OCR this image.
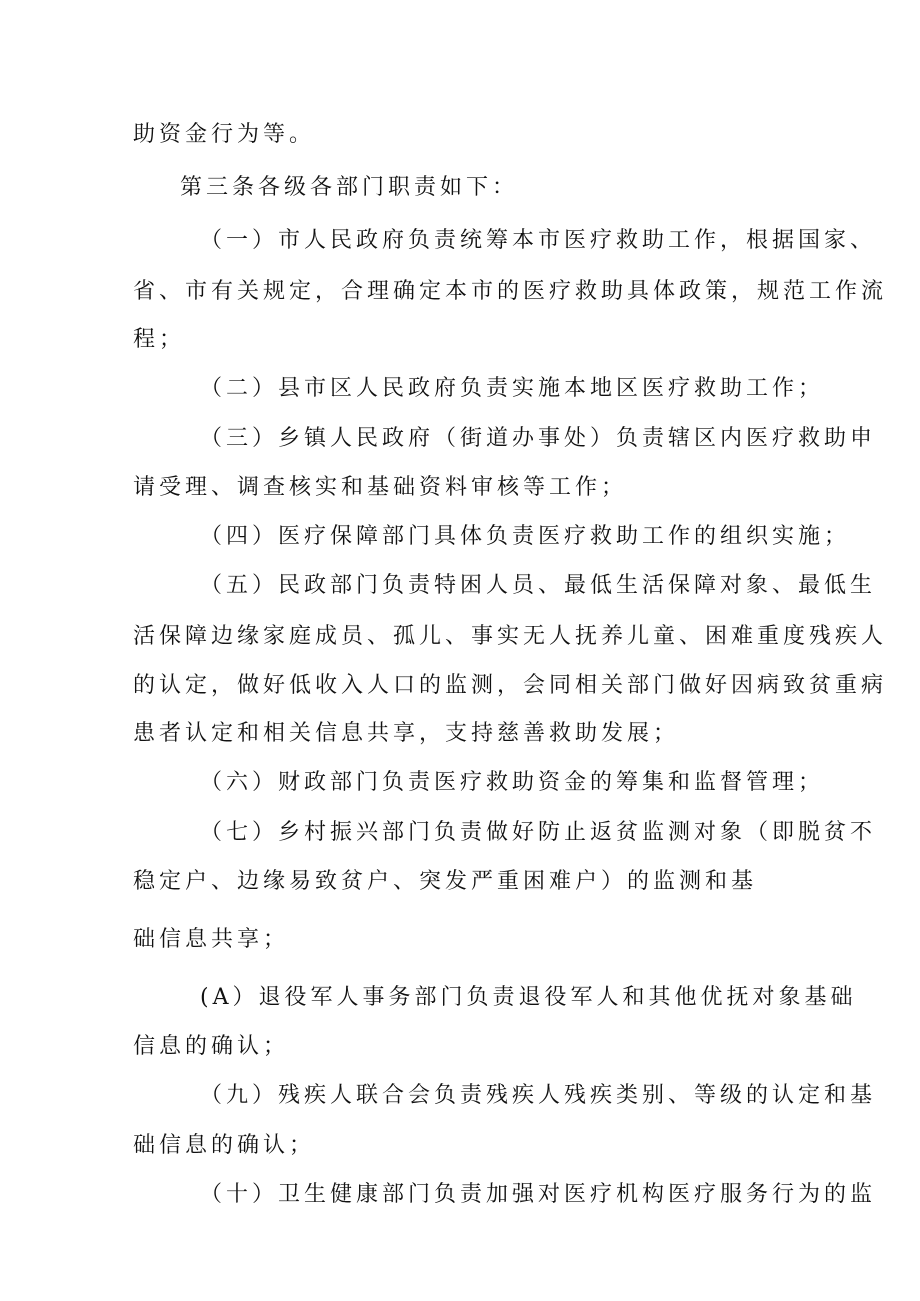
助资金行为等。
第三条各级各部门职责如下：
（一）市人民政府负责统筹本市医疗救助工作，根据国家、
省、市有关规定，合理确定本市的医疗救助具体政策，规范工作流
程；
（二）县市区人民政府负责实施本地区医疗救助工作；
（三）乡镇人民政府（街道办事处）负责辖区内医疗救助申
请受理、调查核实和基础资料审核等工作；
（四）医疗保障部门具体负责医疗救助工作的组织实施；
（五）民政部门负责特困人员、最低生活保障对象、最低生
活保障边缘家庭成员、孤儿、事实无人抚养儿童、困难重度残疾人
的认定，做好低收入人口的监测，会同相关部门做好因病致贫重病
患者认定和相关信息共享，支持慈善救助发展；
（六）财政部门负责医疗救助资金的筹集和监督管理；
（七）乡村振兴部门负责做好防止返贫监测对象（即脱贫不
稳定户、边缘易致贫户、突发严重困难户）的监测和基
础信息共享；
(A）退役军人事务部门负责退役军人和其他优抚对象基础
信息的确认；
（九）残疾人联合会负责残疾人残疾类别、等级的认定和基
础信息的确认；
（十）卫生健康部门负责加强对医疗机构医疗服务行为的监
